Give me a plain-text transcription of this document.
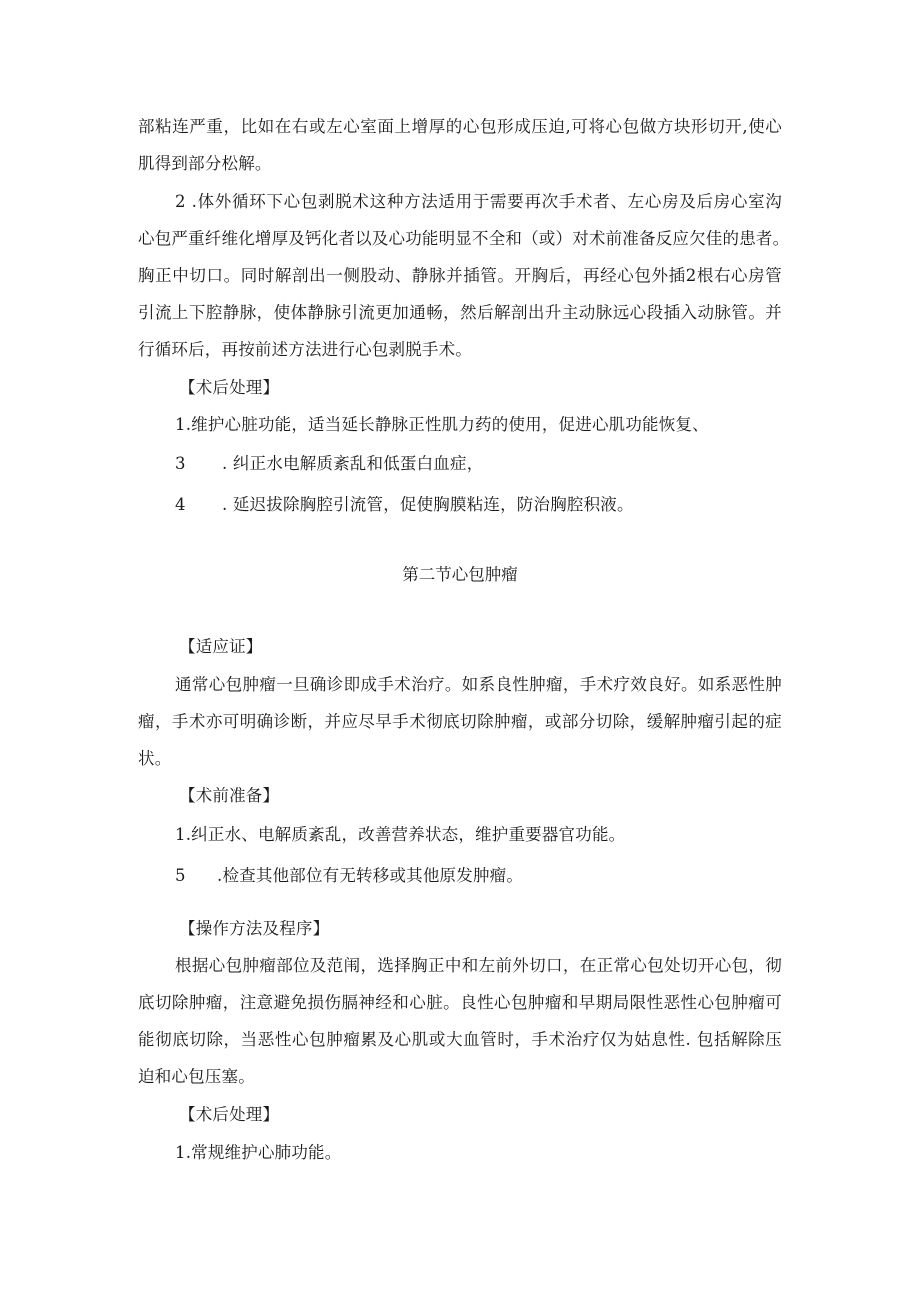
部粘连严重，比如在右或左心室面上增厚的心包形成压迫,可将心包做方块形切开,使心
肌得到部分松解。
2 .体外循环下心包剥脱术这种方法适用于需要再次手术者、左心房及后房心室沟
心包严重纤维化增厚及钙化者以及心功能明显不全和（或）对术前准备反应欠佳的患者。
胸正中切口。同时解剖出一侧股动、静脉并插管。开胸后，再经心包外插2根右心房管
引流上下腔静脉，使体静脉引流更加通畅，然后解剖出升主动脉远心段插入动脉管。并
行循环后，再按前述方法进行心包剥脱手术。
【术后处理】
1.维护心脏功能，适当延长静脉正性肌力药的使用，促进心肌功能恢复、
3 . 纠正水电解质紊乱和低蛋白血症，
4 . 延迟拔除胸腔引流管，促使胸膜粘连，防治胸腔积液。
第二节心包肿瘤
【适应证】
通常心包肿瘤一旦确诊即成手术治疗。如系良性肿瘤，手术疗效良好。如系恶性肿
瘤，手术亦可明确诊断，并应尽早手术彻底切除肿瘤，或部分切除，缓解肿瘤引起的症
状。
【术前准备】
1.纠正水、电解质紊乱，改善营养状态，维护重要器官功能。
5 .检查其他部位有无转移或其他原发肿瘤。
【操作方法及程序】
根据心包肿瘤部位及范闱，选择胸正中和左前外切口，在正常心包处切开心包，彻
底切除肿瘤，注意避免损伤膈神经和心脏。良性心包肿瘤和早期局限性恶性心包肿瘤可
能彻底切除，当恶性心包肿瘤累及心肌或大血管时，手术治疗仅为姑息性. 包括解除压
迫和心包压塞。
【术后处理】
1.常规维护心肺功能。
